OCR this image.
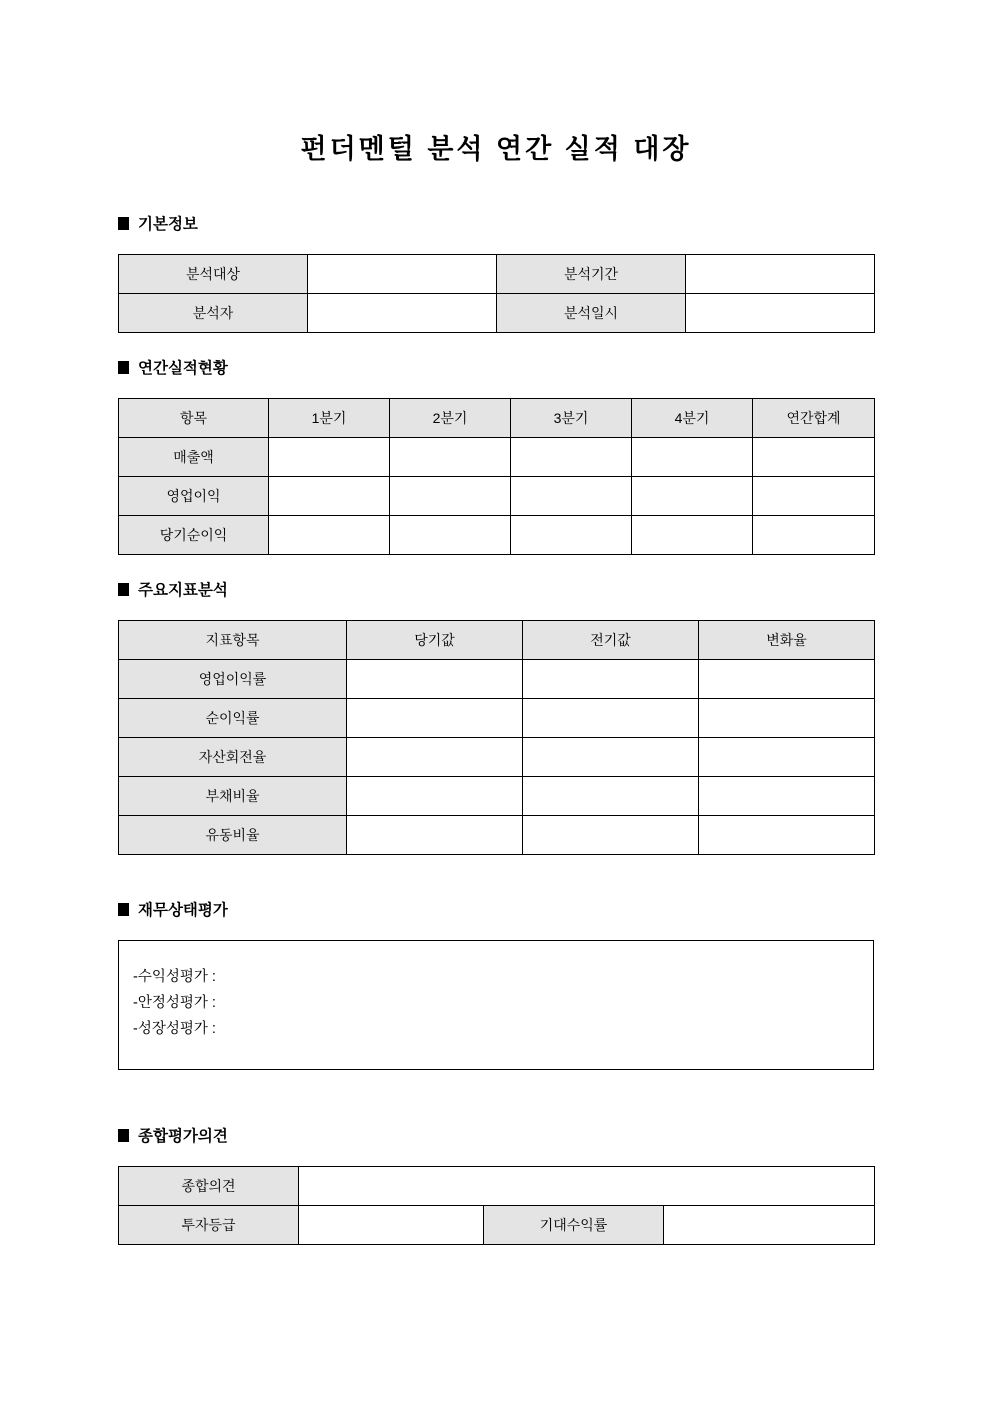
펀더멘털 분석 연간 실적 대장
기본정보
분석대상		분석기간	
분석자		분석일시	
연간실적현황
항목	1분기	2분기	3분기	4분기	연간합계
매출액					
영업이익					
당기순이익					
주요지표분석
지표항목	당기값	전기값	변화율
영업이익률			
순이익률			
자산회전율			
부채비율			
유동비율			
재무상태평가
-수익성평가 :
-안정성평가 :
-성장성평가 :
종합평가의견
종합의견			
투자등급		기대수익률	
